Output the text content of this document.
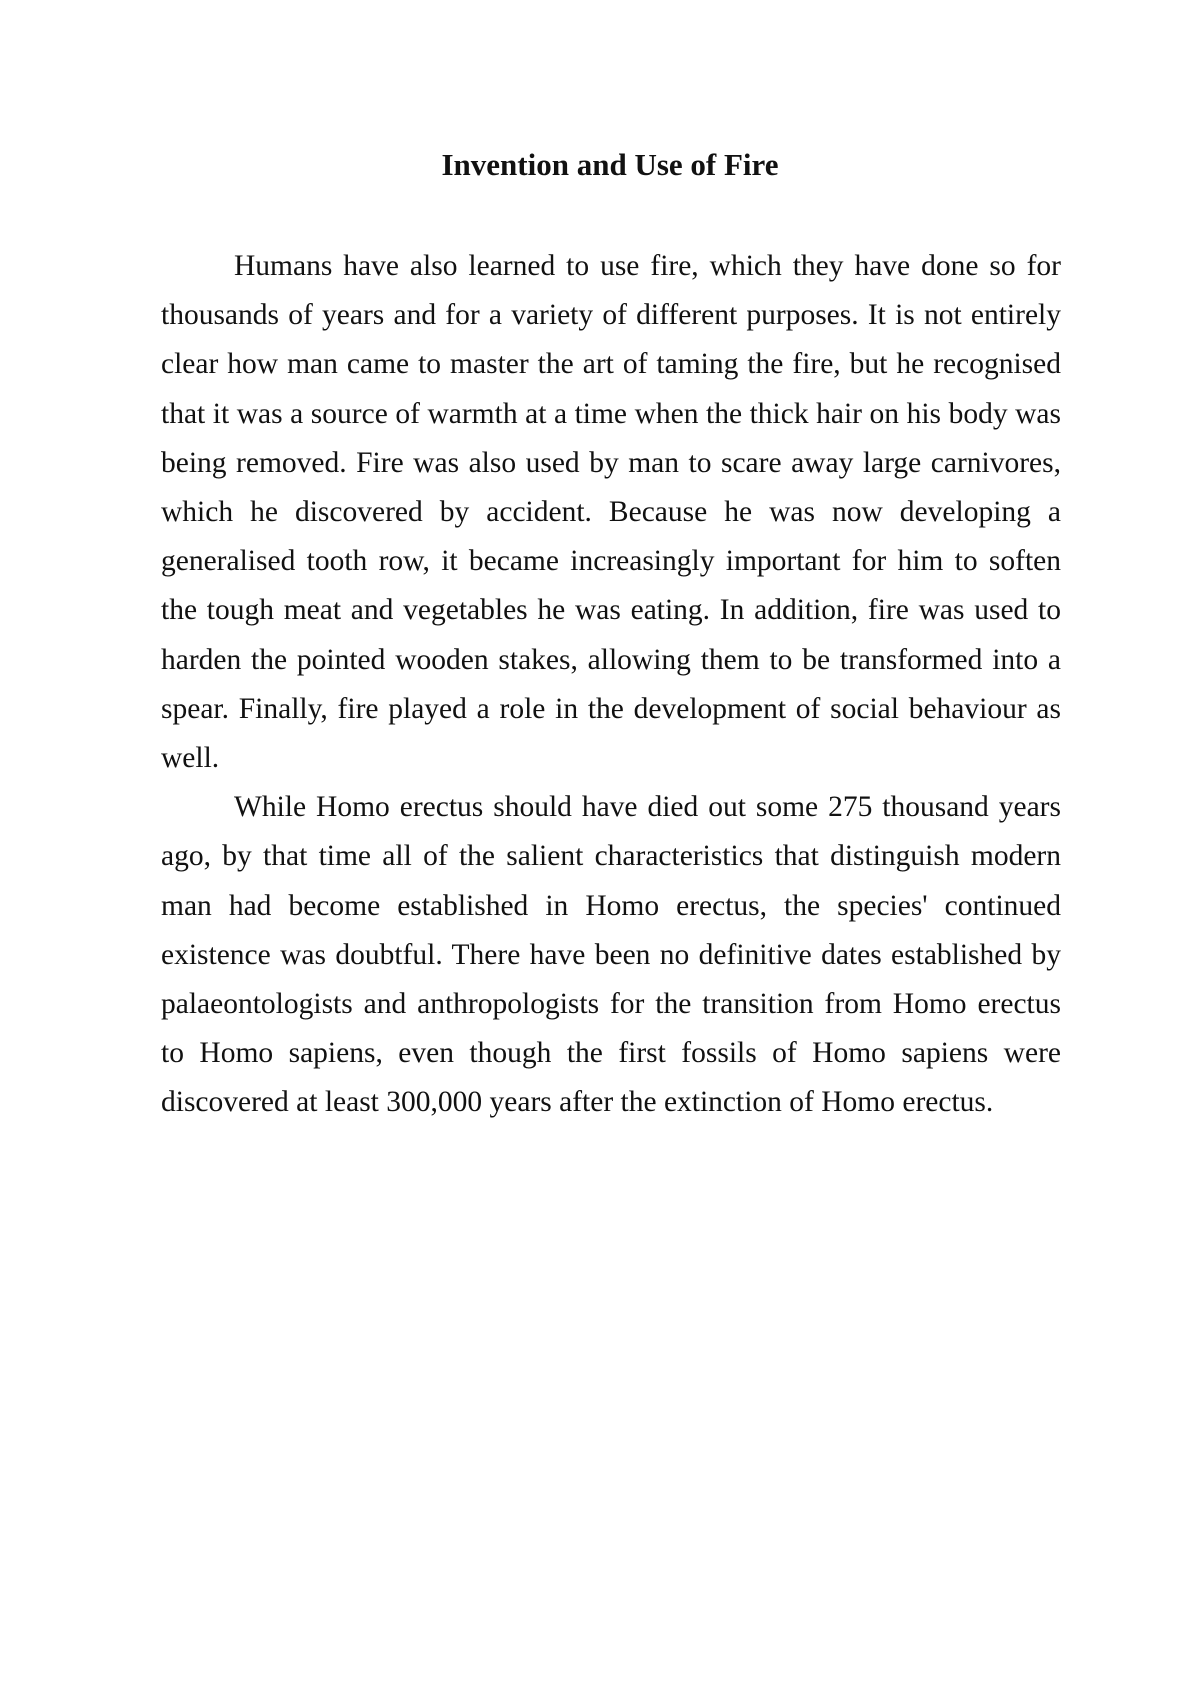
Invention and Use of Fire

Humans have also learned to use fire, which they have done so for thousands of years and for a variety of different purposes. It is not entirely clear how man came to master the art of taming the fire, but he recognised that it was a source of warmth at a time when the thick hair on his body was being removed. Fire was also used by man to scare away large carnivores, which he discovered by accident. Because he was now developing a generalised tooth row, it became increasingly important for him to soften the tough meat and vegetables he was eating. In addition, fire was used to harden the pointed wooden stakes, allowing them to be transformed into a spear. Finally, fire played a role in the development of social behaviour as well.

While Homo erectus should have died out some 275 thousand years ago, by that time all of the salient characteristics that distinguish modern man had become established in Homo erectus, the species' continued existence was doubtful. There have been no definitive dates established by palaeontologists and anthropologists for the transition from Homo erectus to Homo sapiens, even though the first fossils of Homo sapiens were discovered at least 300,000 years after the extinction of Homo erectus.
